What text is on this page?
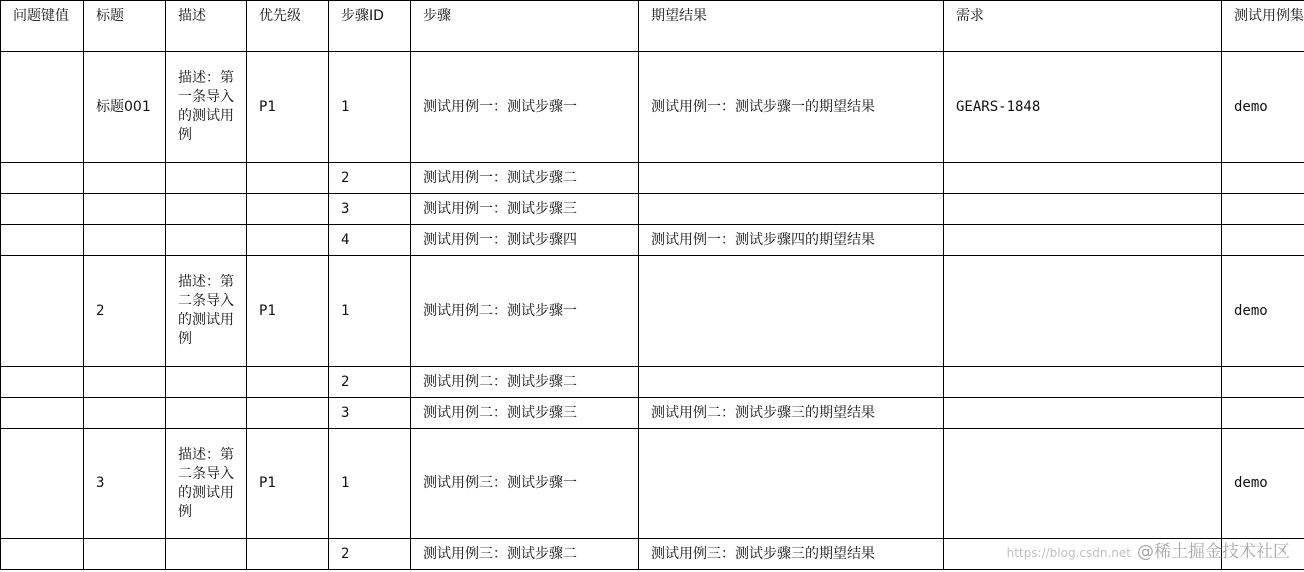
问题键值	标题	描述	优先级	步骤ID	步骤	期望结果	需求	测试用例集
	标题001	描述：第一条导入的测试用例	P1	1	测试用例一：测试步骤一	测试用例一：测试步骤一的期望结果	GEARS-1848	demo
				2	测试用例一：测试步骤二			
				3	测试用例一：测试步骤三			
				4	测试用例一：测试步骤四	测试用例一：测试步骤四的期望结果		
	2	描述：第二条导入的测试用例	P1	1	测试用例二：测试步骤一			demo
				2	测试用例二：测试步骤二			
				3	测试用例二：测试步骤三	测试用例二：测试步骤三的期望结果		
	3	描述：第二条导入的测试用例	P1	1	测试用例三：测试步骤一			demo
				2	测试用例三：测试步骤二	测试用例三：测试步骤三的期望结果			https://blog.csdn.net @稀土掘金技术社区
